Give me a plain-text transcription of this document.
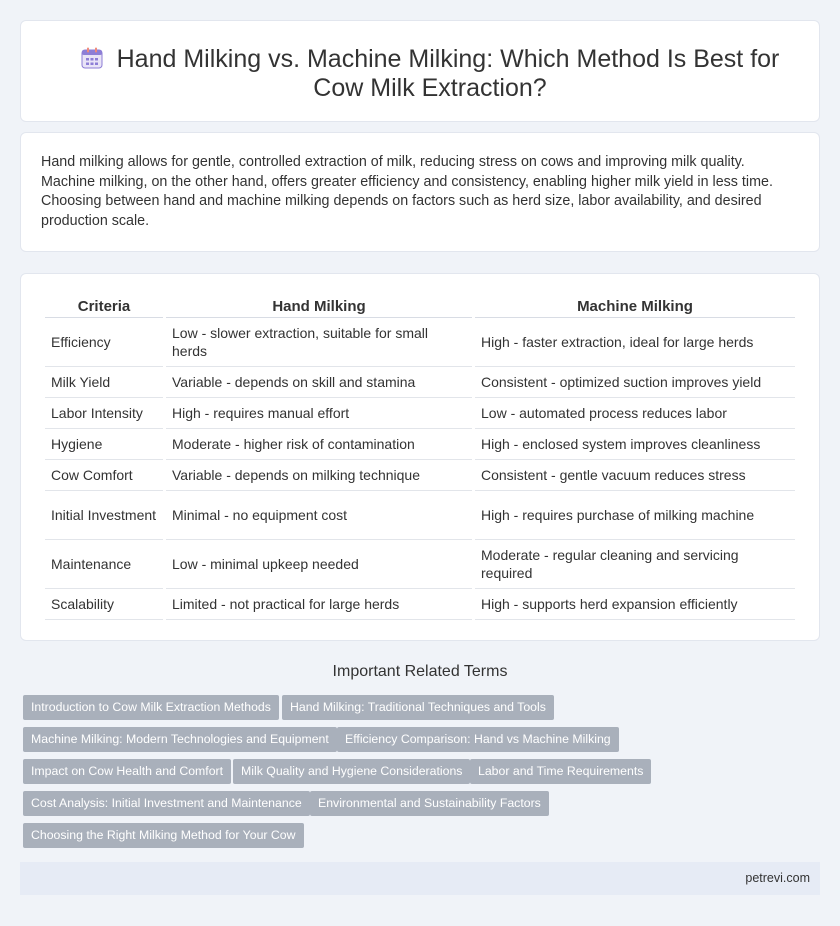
Hand Milking vs. Machine Milking: Which Method Is Best for Cow Milk Extraction?

Hand milking allows for gentle, controlled extraction of milk, reducing stress on cows and improving milk quality. Machine milking, on the other hand, offers greater efficiency and consistency, enabling higher milk yield in less time. Choosing between hand and machine milking depends on factors such as herd size, labor availability, and desired production scale.

Criteria	Hand Milking	Machine Milking
Efficiency	Low - slower extraction, suitable for small herds	High - faster extraction, ideal for large herds
Milk Yield	Variable - depends on skill and stamina	Consistent - optimized suction improves yield
Labor Intensity	High - requires manual effort	Low - automated process reduces labor
Hygiene	Moderate - higher risk of contamination	High - enclosed system improves cleanliness
Cow Comfort	Variable - depends on milking technique	Consistent - gentle vacuum reduces stress
Initial Investment	Minimal - no equipment cost	High - requires purchase of milking machine
Maintenance	Low - minimal upkeep needed	Moderate - regular cleaning and servicing required
Scalability	Limited - not practical for large herds	High - supports herd expansion efficiently
Important Related Terms
Introduction to Cow Milk Extraction Methods	Hand Milking: Traditional Techniques and Tools
Machine Milking: Modern Technologies and Equipment	Efficiency Comparison: Hand vs Machine Milking
Impact on Cow Health and Comfort	Milk Quality and Hygiene Considerations	Labor and Time Requirements
Cost Analysis: Initial Investment and Maintenance	Environmental and Sustainability Factors
Choosing the Right Milking Method for Your Cow
petrevi.com
